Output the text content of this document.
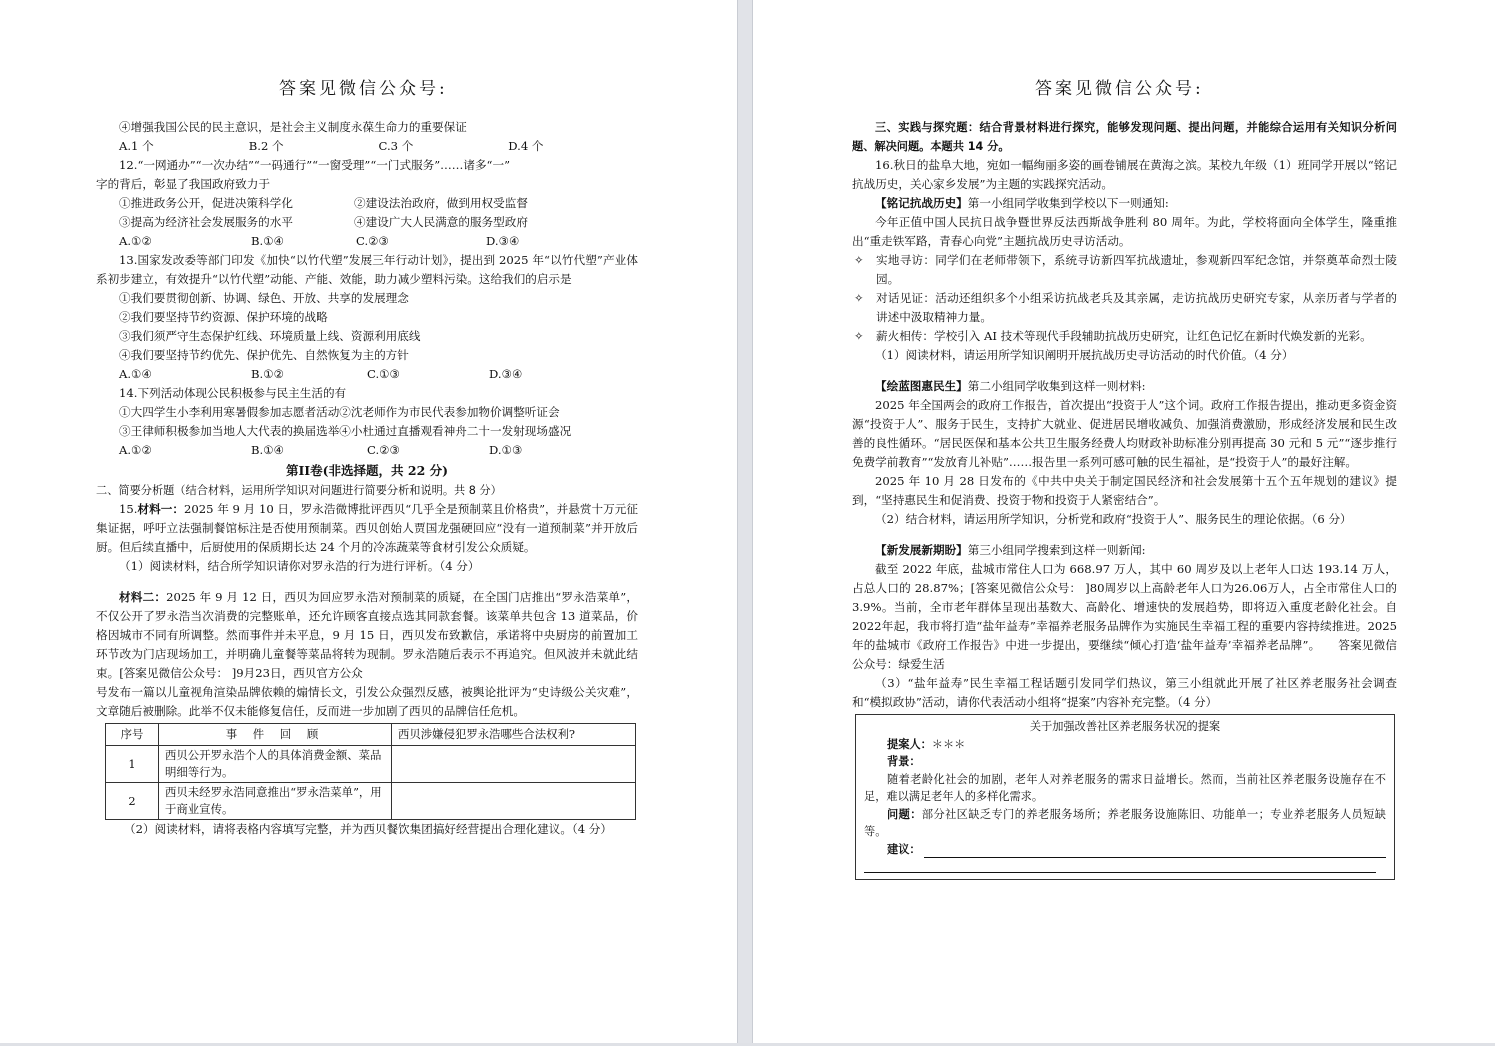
答案见微信公众号:

④增强我国公民的民主意识，是社会主义制度永葆生命力的重要保证

A.1 个	B.2 个	C.3 个	D.4 个

12.“一网通办”“一次办结”“一码通行”“一窗受理”“一门式服务”……诸多“一”

字的背后，彰显了我国政府致力于

①推进政务公开，促进决策科学化	②建设法治政府，做到用权受监督
③提高为经济社会发展服务的水平	④建设广大人民满意的服务型政府
A.①②	B.①④	C.②③	D.③④

13.国家发改委等部门印发《加快“以竹代塑”发展三年行动计划》，提出到 2025 年“以竹代塑”产业体系初步建立，有效提升“以竹代塑”动能、产能、效能，助力减少塑料污染。这给我们的启示是

①我们要贯彻创新、协调、绿色、开放、共享的发展理念

②我们要坚持节约资源、保护环境的战略

③我们须严守生态保护红线、环境质量上线、资源利用底线

④我们要坚持节约优先、保护优先、自然恢复为主的方针

A.①④	B.①②	C.①③	D.③④

14.下列活动体现公民积极参与民主生活的有

①大四学生小李利用寒暑假参加志愿者活动②沈老师作为市民代表参加物价调整听证会

③王律师积极参加当地人大代表的换届选举④小杜通过直播观看神舟二十一发射现场盛况

A.①②	B.①④	C.②③	D.①③
第II卷(非选择题，共 22 分)

二、简要分析题（结合材料，运用所学知识对问题进行简要分析和说明。共 8 分）

15.材料一：2025 年 9 月 10 日，罗永浩微博批评西贝“几乎全是预制菜且价格贵”，并悬赏十万元征集证据，呼吁立法强制餐馆标注是否使用预制菜。西贝创始人贾国龙强硬回应“没有一道预制菜”并开放后厨。但后续直播中，后厨使用的保质期长达 24 个月的冷冻蔬菜等食材引发公众质疑。

（1）阅读材料，结合所学知识请你对罗永浩的行为进行评析。（4 分）

材料二：2025 年 9 月 12 日，西贝为回应罗永浩对预制菜的质疑，在全国门店推出“罗永浩菜单”，不仅公开了罗永浩当次消费的完整账单，还允许顾客直接点选其同款套餐。该菜单共包含 13 道菜品，价格因城市不同有所调整。然而事件并未平息，9 月 15 日，西贝发布致歉信，承诺将中央厨房的前置加工环节改为门店现场加工，并明确儿童餐等菜品将转为现制。罗永浩随后表示不再追究。但风波并未就此结束。[答案见微信公众号： ]9月23日，西贝官方公众

号发布一篇以儿童视角渲染品牌依赖的煽情长文，引发公众强烈反感，被舆论批评为“史诗级公关灾难”，文章随后被删除。此举不仅未能修复信任，反而进一步加剧了西贝的品牌信任危机。

序号	事 件 回 顾	西贝涉嫌侵犯罗永浩哪些合法权利?
1	西贝公开罗永浩个人的具体消费金额、菜品明细等行为。	
2	西贝未经罗永浩同意推出“罗永浩菜单”，用于商业宣传。	

（2）阅读材料，请将表格内容填写完整，并为西贝餐饮集团搞好经营提出合理化建议。（4 分）

答案见微信公众号:

三、实践与探究题：结合背景材料进行探究，能够发现问题、提出问题，并能综合运用有关知识分析问题、解决问题。本题共 14 分。

16.秋日的盐阜大地，宛如一幅绚丽多姿的画卷铺展在黄海之滨。某校九年级（1）班同学开展以“铭记抗战历史，关心家乡发展”为主题的实践探究活动。

【铭记抗战历史】第一小组同学收集到学校以下一则通知:

今年正值中国人民抗日战争暨世界反法西斯战争胜利 80 周年。为此，学校将面向全体学生，隆重推出“重走铁军路，青春心向党”主题抗战历史寻访活动。

✧	实地寻访：同学们在老师带领下，系统寻访新四军抗战遗址，参观新四军纪念馆，并祭奠革命烈士陵园。
✧	对话见证：活动还组织多个小组采访抗战老兵及其亲属，走访抗战历史研究专家，从亲历者与学者的讲述中汲取精神力量。
✧	薪火相传：学校引入 AI 技术等现代手段辅助抗战历史研究，让红色记忆在新时代焕发新的光彩。

（1）阅读材料，请运用所学知识阐明开展抗战历史寻访活动的时代价值。（4 分）

【绘蓝图惠民生】第二小组同学收集到这样一则材料:

2025 年全国两会的政府工作报告，首次提出“投资于人”这个词。政府工作报告提出，推动更多资金资源“投资于人”、服务于民生，支持扩大就业、促进居民增收减负、加强消费激励，形成经济发展和民生改善的良性循环。“居民医保和基本公共卫生服务经费人均财政补助标准分别再提高 30 元和 5 元”“逐步推行免费学前教育”“发放育儿补贴”……报告里一系列可感可触的民生福祉，是“投资于人”的最好注解。

2025 年 10 月 28 日发布的《中共中央关于制定国民经济和社会发展第十五个五年规划的建议》提到，“坚持惠民生和促消费、投资于物和投资于人紧密结合”。

（2）结合材料，请运用所学知识，分析党和政府“投资于人”、服务民生的理论依据。（6 分）

【新发展新期盼】第三小组同学搜索到这样一则新闻:

截至 2022 年底，盐城市常住人口为 668.97 万人，其中 60 周岁及以上老年人口达 193.14 万人，占总人口的 28.87%；[答案见微信公众号： ]80周岁以上高龄老年人口为26.06万人，占全市常住人口的3.9%。当前，全市老年群体呈现出基数大、高龄化、增速快的发展趋势，即将迈入重度老龄化社会。自2022年起，我市将打造“盐年益寿”幸福养老服务品牌作为实施民生幸福工程的重要内容持续推进。2025年的盐城市《政府工作报告》中进一步提出，要继续“倾心打造‘盐年益寿’幸福养老品牌”。　　答案见微信公众号：绿爱生活

（3）“盐年益寿”民生幸福工程话题引发同学们热议，第三小组就此开展了社区养老服务社会调查和“模拟政协”活动，请你代表活动小组将“提案”内容补充完整。（4 分）

关于加强改善社区养老服务状况的提案
提案人：＊＊＊
背景：
随着老龄化社会的加剧，老年人对养老服务的需求日益增长。然而，当前社区养老服务设施存在不足，难以满足老年人的多样化需求。
问题：部分社区缺乏专门的养老服务场所；养老服务设施陈旧、功能单一；专业养老服务人员短缺等。
建议：
